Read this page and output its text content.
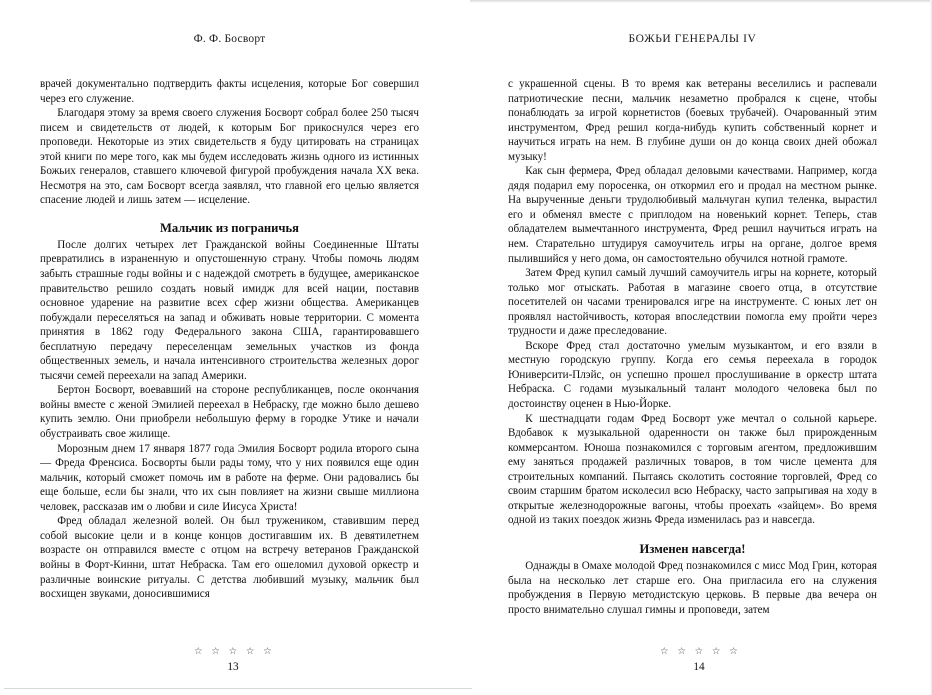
Ф. Ф. Босворт

врачей документально подтвердить факты исцеления, которые Бог совершил через его служение.

Благодаря этому за время своего служения Босворт собрал более 250 тысяч писем и свидетельств от людей, к которым Бог прикоснулся через его проповеди. Некоторые из этих свидетельств я буду цитировать на страницах этой книги по мере того, как мы будем исследовать жизнь одного из истинных Божьих генералов, ставшего ключевой фигурой пробуждения начала XX века. Несмотря на это, сам Босворт всегда заявлял, что главной его целью является спасение людей и лишь затем — исцеление.

Мальчик из пограничья

После долгих четырех лет Гражданской войны Соединенные Штаты превратились в израненную и опустошенную страну. Чтобы помочь людям забыть страшные годы войны и с надеждой смотреть в будущее, американское правительство решило создать новый имидж для всей нации, поставив основное ударение на развитие всех сфер жизни общества. Американцев побуждали переселяться на запад и обживать новые территории. С момента принятия в 1862 году Федерального закона США, гарантировавшего бесплатную передачу переселенцам земельных участков из фонда общественных земель, и начала интенсивного строительства железных дорог тысячи семей переехали на запад Америки.

Бертон Босворт, воевавший на стороне республиканцев, после окончания войны вместе с женой Эмилией переехал в Небраску, где можно было дешево купить землю. Они приобрели небольшую ферму в городке Утике и начали обустраивать свое жилище.

Морозным днем 17 января 1877 года Эмилия Босворт родила второго сына — Фреда Френсиса. Босворты были рады тому, что у них появился еще один мальчик, который сможет помочь им в работе на ферме. Они радовались бы еще больше, если бы знали, что их сын повлияет на жизни свыше миллиона человек, рассказав им о любви и силе Иисуса Христа!

Фред обладал железной волей. Он был тружеником, ставившим перед собой высокие цели и в конце концов достигавшим их. В девятилетнем возрасте он отправился вместе с отцом на встречу ветеранов Гражданской войны в Форт-Кинни, штат Небраска. Там его ошеломил духовой оркестр и различные воинские ритуалы. С детства любивший музыку, мальчик был восхищен звуками, доносившимися

☆ ☆ ☆ ☆ ☆
13
БОЖЬИ ГЕНЕРАЛЫ IV

с украшенной сцены. В то время как ветераны веселились и распевали патриотические песни, мальчик незаметно пробрался к сцене, чтобы понаблюдать за игрой корнетистов (боевых трубачей). Очарованный этим инструментом, Фред решил когда-нибудь купить собственный корнет и научиться играть на нем. В глубине души он до конца своих дней обожал музыку!

Как сын фермера, Фред обладал деловыми качествами. Например, когда дядя подарил ему поросенка, он откормил его и продал на местном рынке. На вырученные деньги трудолюбивый мальчуган купил теленка, вырастил его и обменял вместе с приплодом на новенький корнет. Теперь, став обладателем вымечтанного инструмента, Фред решил научиться играть на нем. Старательно штудируя самоучитель игры на органе, долгое время пылившийся у него дома, он самостоятельно обучился нотной грамоте.

Затем Фред купил самый лучший самоучитель игры на корнете, который только мог отыскать. Работая в магазине своего отца, в отсутствие посетителей он часами тренировался игре на инструменте. С юных лет он проявлял настойчивость, которая впоследствии помогла ему пройти через трудности и даже преследование.

Вскоре Фред стал достаточно умелым музыкантом, и его взяли в местную городскую группу. Когда его семья переехала в городок Юниверсити-Плэйс, он успешно прошел прослушивание в оркестр штата Небраска. С годами музыкальный талант молодого человека был по достоинству оценен в Нью-Йорке.

К шестнадцати годам Фред Босворт уже мечтал о сольной карьере. Вдобавок к музыкальной одаренности он также был прирожденным коммерсантом. Юноша познакомился с торговым агентом, предложившим ему заняться продажей различных товаров, в том числе цемента для строительных компаний. Пытаясь сколотить состояние торговлей, Фред со своим старшим братом исколесил всю Небраску, часто запрыгивая на ходу в открытые железнодорожные вагоны, чтобы проехать «зайцем». Во время одной из таких поездок жизнь Фреда изменилась раз и навсегда.

Изменен навсегда!

Однажды в Омахе молодой Фред познакомился с мисс Мод Грин, которая была на несколько лет старше его. Она пригласила его на служения пробуждения в Первую методистскую церковь. В первые два вечера он просто внимательно слушал гимны и проповеди, затем

☆ ☆ ☆ ☆ ☆
14
